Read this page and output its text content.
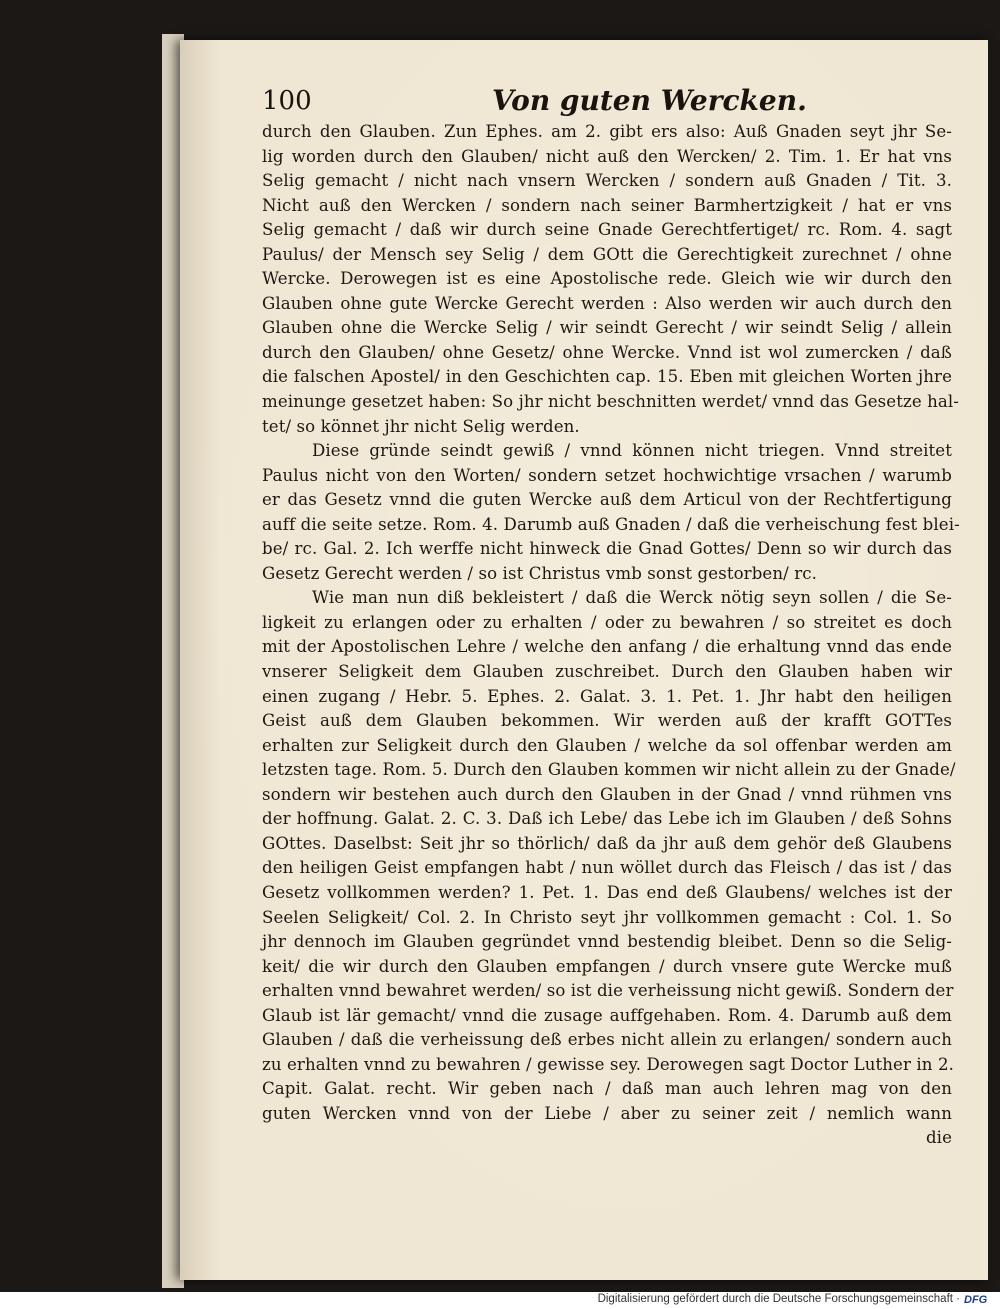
100	Von guten Wercken.
durch den Glauben. Zun Ephes. am 2. gibt ers also: Auß Gnaden seyt jhr Se-
lig worden durch den Glauben/ nicht auß den Wercken/ 2. Tim. 1. Er hat vns
Selig gemacht / nicht nach vnsern Wercken / sondern auß Gnaden / Tit. 3.
Nicht auß den Wercken / sondern nach seiner Barmhertzigkeit / hat er vns
Selig gemacht / daß wir durch seine Gnade Gerechtfertiget/ rc. Rom. 4. sagt
Paulus/ der Mensch sey Selig / dem GOtt die Gerechtigkeit zurechnet / ohne
Wercke. Derowegen ist es eine Apostolische rede. Gleich wie wir durch den
Glauben ohne gute Wercke Gerecht werden : Also werden wir auch durch den
Glauben ohne die Wercke Selig / wir seindt Gerecht / wir seindt Selig / allein
durch den Glauben/ ohne Gesetz/ ohne Wercke. Vnnd ist wol zumercken / daß
die falschen Apostel/ in den Geschichten cap. 15. Eben mit gleichen Worten jhre
meinunge gesetzet haben: So jhr nicht beschnitten werdet/ vnnd das Gesetze hal-
tet/ so könnet jhr nicht Selig werden.
Diese gründe seindt gewiß / vnnd können nicht triegen. Vnnd streitet
Paulus nicht von den Worten/ sondern setzet hochwichtige vrsachen / warumb
er das Gesetz vnnd die guten Wercke auß dem Articul von der Rechtfertigung
auff die seite setze. Rom. 4. Darumb auß Gnaden / daß die verheischung fest blei-
be/ rc. Gal. 2. Ich werffe nicht hinweck die Gnad Gottes/ Denn so wir durch das
Gesetz Gerecht werden / so ist Christus vmb sonst gestorben/ rc.
Wie man nun diß bekleistert / daß die Werck nötig seyn sollen / die Se-
ligkeit zu erlangen oder zu erhalten / oder zu bewahren / so streitet es doch
mit der Apostolischen Lehre / welche den anfang / die erhaltung vnnd das ende
vnserer Seligkeit dem Glauben zuschreibet. Durch den Glauben haben wir
einen zugang / Hebr. 5. Ephes. 2. Galat. 3. 1. Pet. 1. Jhr habt den heiligen
Geist auß dem Glauben bekommen. Wir werden auß der krafft GOTTes
erhalten zur Seligkeit durch den Glauben / welche da sol offenbar werden am
letzsten tage. Rom. 5. Durch den Glauben kommen wir nicht allein zu der Gnade/
sondern wir bestehen auch durch den Glauben in der Gnad / vnnd rühmen vns
der hoffnung. Galat. 2. C. 3. Daß ich Lebe/ das Lebe ich im Glauben / deß Sohns
GOttes. Daselbst: Seit jhr so thörlich/ daß da jhr auß dem gehör deß Glaubens
den heiligen Geist empfangen habt / nun wöllet durch das Fleisch / das ist / das
Gesetz vollkommen werden? 1. Pet. 1. Das end deß Glaubens/ welches ist der
Seelen Seligkeit/ Col. 2. In Christo seyt jhr vollkommen gemacht : Col. 1. So
jhr dennoch im Glauben gegründet vnnd bestendig bleibet. Denn so die Selig-
keit/ die wir durch den Glauben empfangen / durch vnsere gute Wercke muß
erhalten vnnd bewahret werden/ so ist die verheissung nicht gewiß. Sondern der
Glaub ist lär gemacht/ vnnd die zusage auffgehaben. Rom. 4. Darumb auß dem
Glauben / daß die verheissung deß erbes nicht allein zu erlangen/ sondern auch
zu erhalten vnnd zu bewahren / gewisse sey. Derowegen sagt Doctor Luther in 2.
Capit. Galat. recht. Wir geben nach / daß man auch lehren mag von den
guten Wercken vnnd von der Liebe / aber zu seiner zeit / nemlich wann
die
Digitalisierung gefördert durch die Deutsche Forschungsgemeinschaft · DFG
